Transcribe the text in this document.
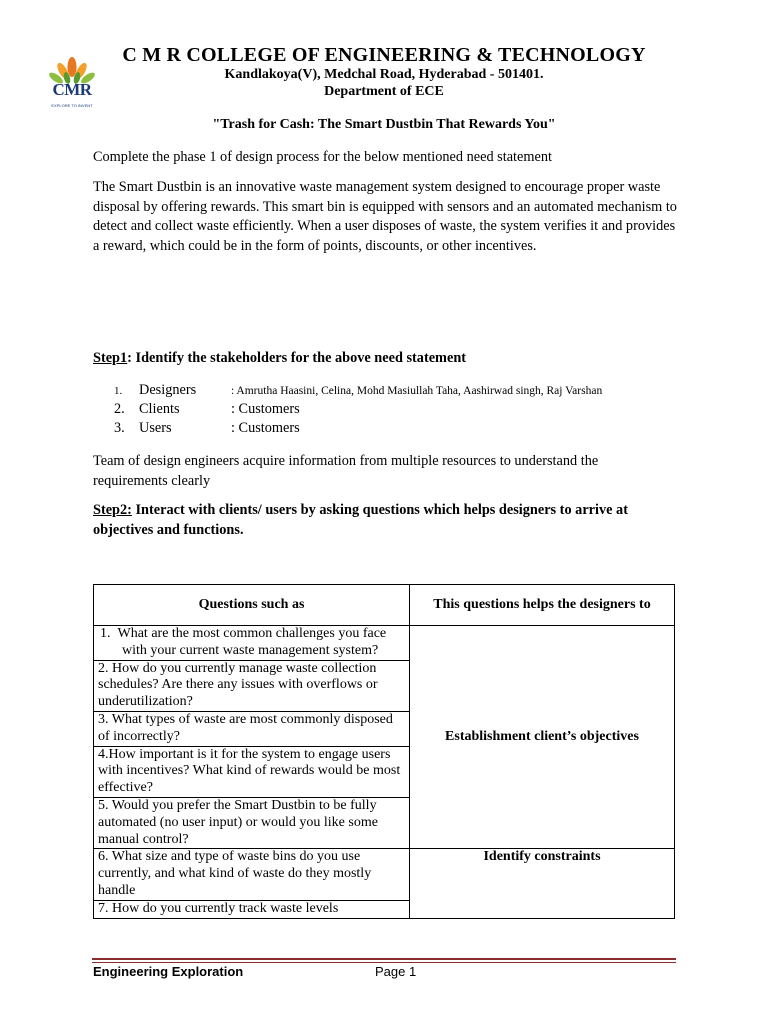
CMR
EXPLORE TO INVENT
C M R COLLEGE OF ENGINEERING & TECHNOLOGY
Kandlakoya(V), Medchal Road, Hyderabad - 501401.
Department of ECE
"Trash for Cash: The Smart Dustbin That Rewards You"
Complete the phase 1 of design process for the below mentioned need statement
The Smart Dustbin is an innovative waste management system designed to encourage proper waste disposal by offering rewards. This smart bin is equipped with sensors and an automated mechanism to detect and collect waste efficiently. When a user disposes of waste, the system verifies it and provides a reward, which could be in the form of points, discounts, or other incentives.
Step1: Identify the stakeholders for the above need statement
1.	Designers	: Amrutha Haasini, Celina, Mohd Masiullah Taha, Aashirwad singh, Raj Varshan
2. Clients	: Customers
3. Users	: Customers
Team of design engineers acquire information from multiple resources to understand the requirements clearly
Step2: Interact with clients/ users by asking questions which helps designers to arrive at objectives and functions.
Questions such as	This questions helps the designers to
1.  What are the most common challenges you face with your current waste management system?	Establishment client’s objectives
2. How do you currently manage waste collection schedules? Are there any issues with overflows or underutilization?	
3. What types of waste are most commonly disposed of incorrectly?	
4.How important is it for the system to engage users with incentives? What kind of rewards would be most effective?	
5. Would you prefer the Smart Dustbin to be fully automated (no user input) or would you like some manual control?	
6. What size and type of waste bins do you use currently, and what kind of waste do they mostly handle	Identify constraints
7. How do you currently track waste levels	
Engineering Exploration	Page 1
